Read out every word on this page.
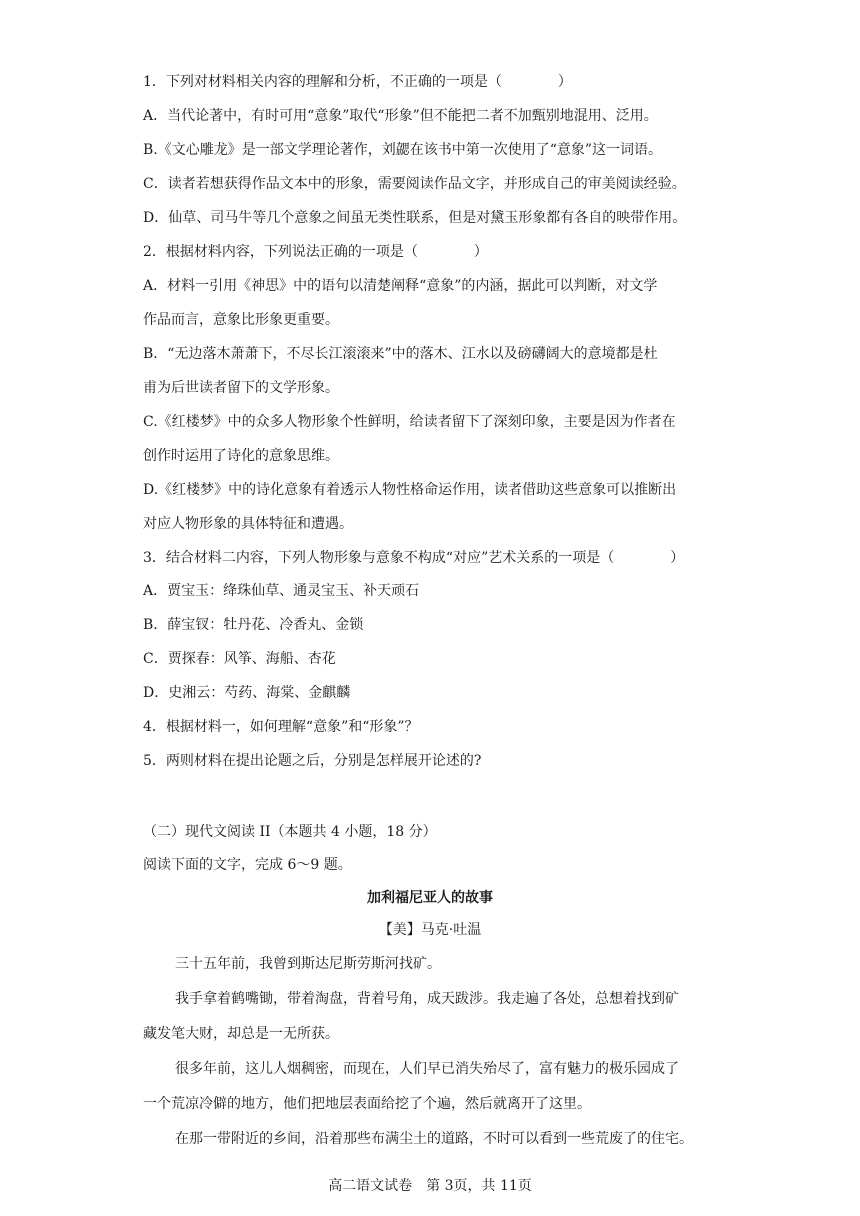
1．下列对材料相关内容的理解和分析，不正确的一项是（　　　　）
A．当代论著中，有时可用“意象”取代“形象”但不能把二者不加甄别地混用、泛用。
B.《文心雕龙》是一部文学理论著作，刘勰在该书中第一次使用了“意象”这一词语。
C．读者若想获得作品文本中的形象，需要阅读作品文字，并形成自己的审美阅读经验。
D．仙草、司马牛等几个意象之间虽无类性联系，但是对黛玉形象都有各自的映带作用。
2．根据材料内容，下列说法正确的一项是（　　　　）
A．材料一引用《神思》中的语句以清楚阐释“意象”的内涵，据此可以判断，对文学
作品而言，意象比形象更重要。
B．“无边落木萧萧下，不尽长江滚滚来”中的落木、江水以及磅礴阔大的意境都是杜
甫为后世读者留下的文学形象。
C.《红楼梦》中的众多人物形象个性鲜明，给读者留下了深刻印象，主要是因为作者在
创作时运用了诗化的意象思维。
D.《红楼梦》中的诗化意象有着透示人物性格命运作用，读者借助这些意象可以推断出
对应人物形象的具体特征和遭遇。
3．结合材料二内容，下列人物形象与意象不构成“对应”艺术关系的一项是（　　　　）
A．贾宝玉：绛珠仙草、通灵宝玉、补天顽石
B．薛宝钗：牡丹花、冷香丸、金锁
C．贾探春：风筝、海船、杏花
D．史湘云：芍药、海棠、金麒麟
4．根据材料一，如何理解“意象”和“形象”？
5．两则材料在提出论题之后，分别是怎样展开论述的?
（二）现代文阅读 II（本题共 4 小题，18 分）
阅读下面的文字，完成 6～9 题。
加利福尼亚人的故事
【美】马克·吐温
三十五年前，我曾到斯达尼斯劳斯河找矿。
我手拿着鹤嘴锄，带着淘盘，背着号角，成天跋涉。我走遍了各处，总想着找到矿
藏发笔大财，却总是一无所获。
很多年前，这儿人烟稠密，而现在，人们早已消失殆尽了，富有魅力的极乐园成了
一个荒凉冷僻的地方，他们把地层表面给挖了个遍，然后就离开了这里。
在那一带附近的乡间，沿着那些布满尘土的道路，不时可以看到一些荒废了的住宅。
高二语文试卷　第 3页，共 11页
